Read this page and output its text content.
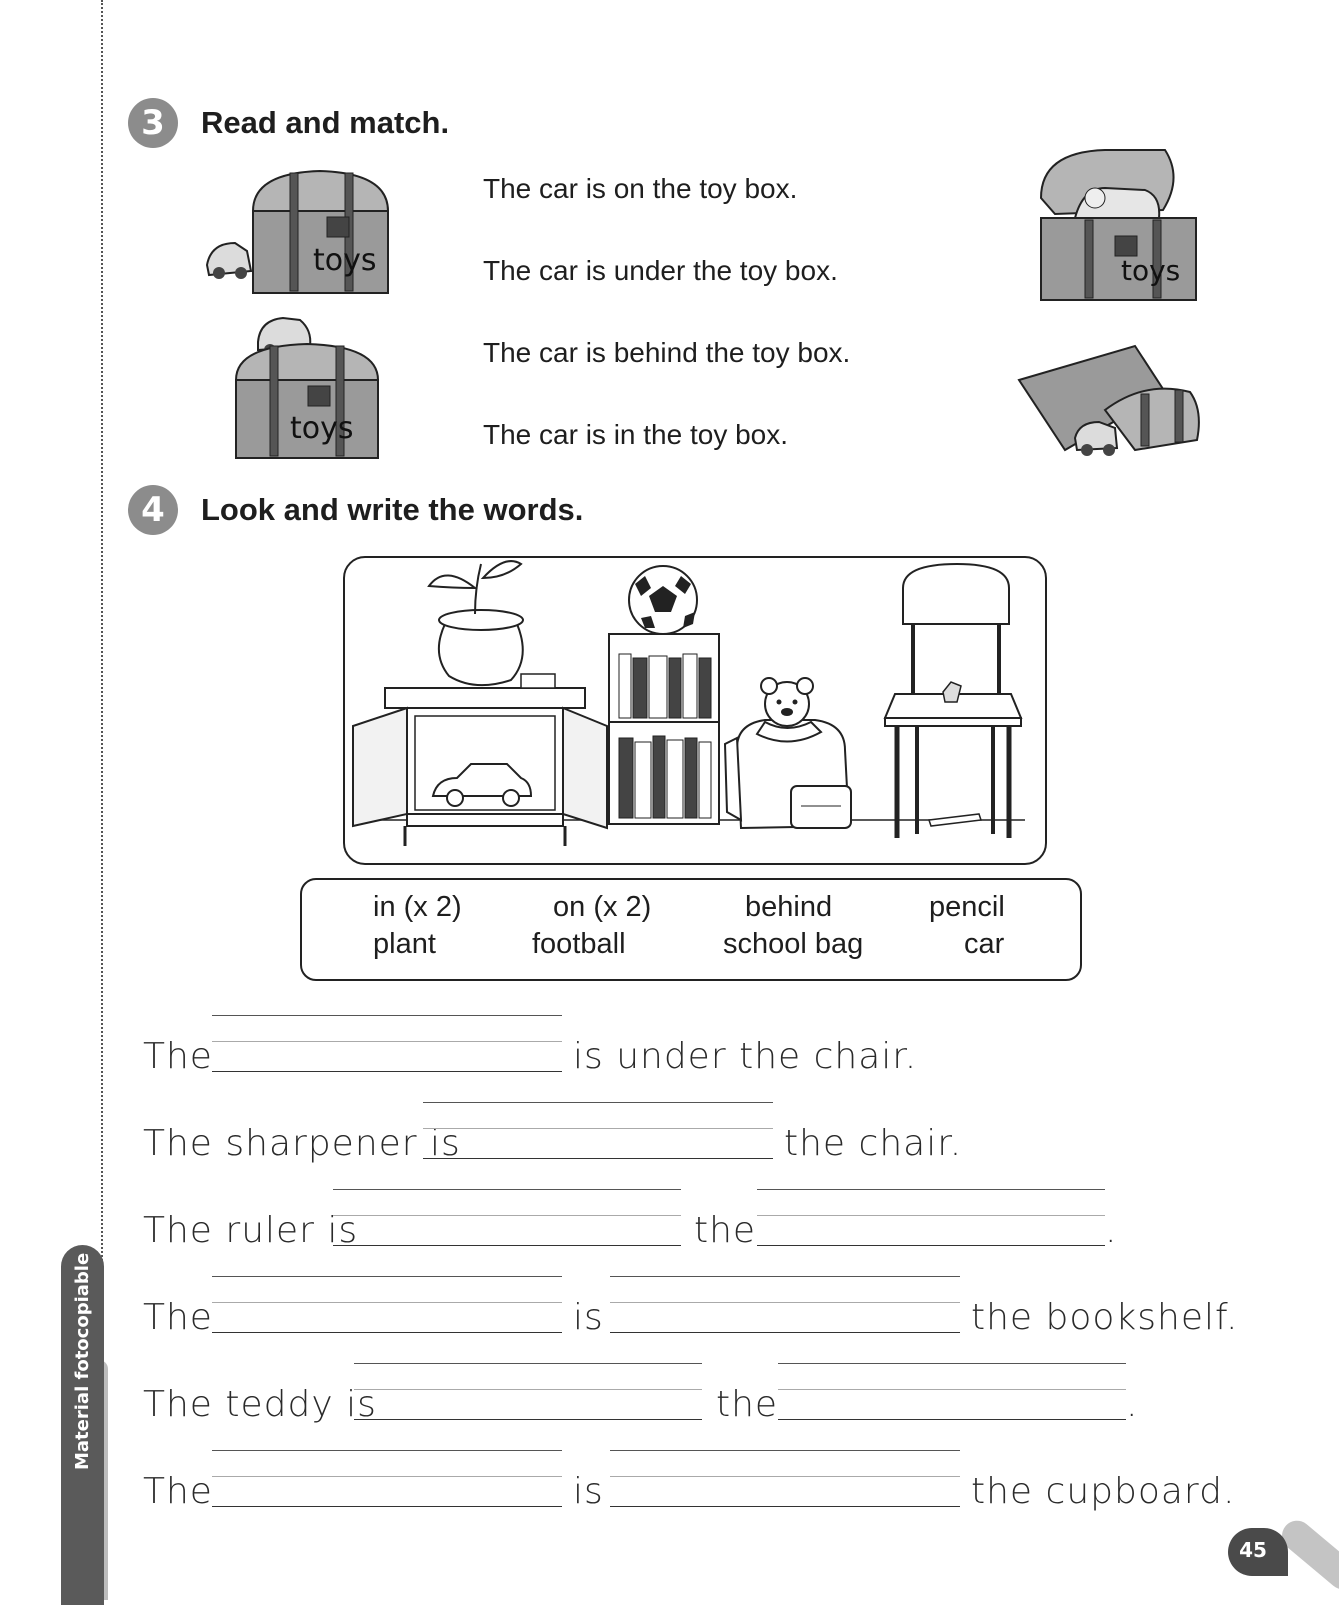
Material fotocopiable
3	Read and match.
toys
toys
toys
The car is on the toy box.
The car is under the toy box.
The car is behind the toy box.
The car is in the toy box.
4	Look and write the words.
in (x 2)	on (x 2)	behind	pencil
plant	football	school bag	car
The	is under the chair.
The sharpener is	the chair.
The ruler is	the	.
The	is	the bookshelf.
The teddy is	the	.
The	is	the cupboard.
45
